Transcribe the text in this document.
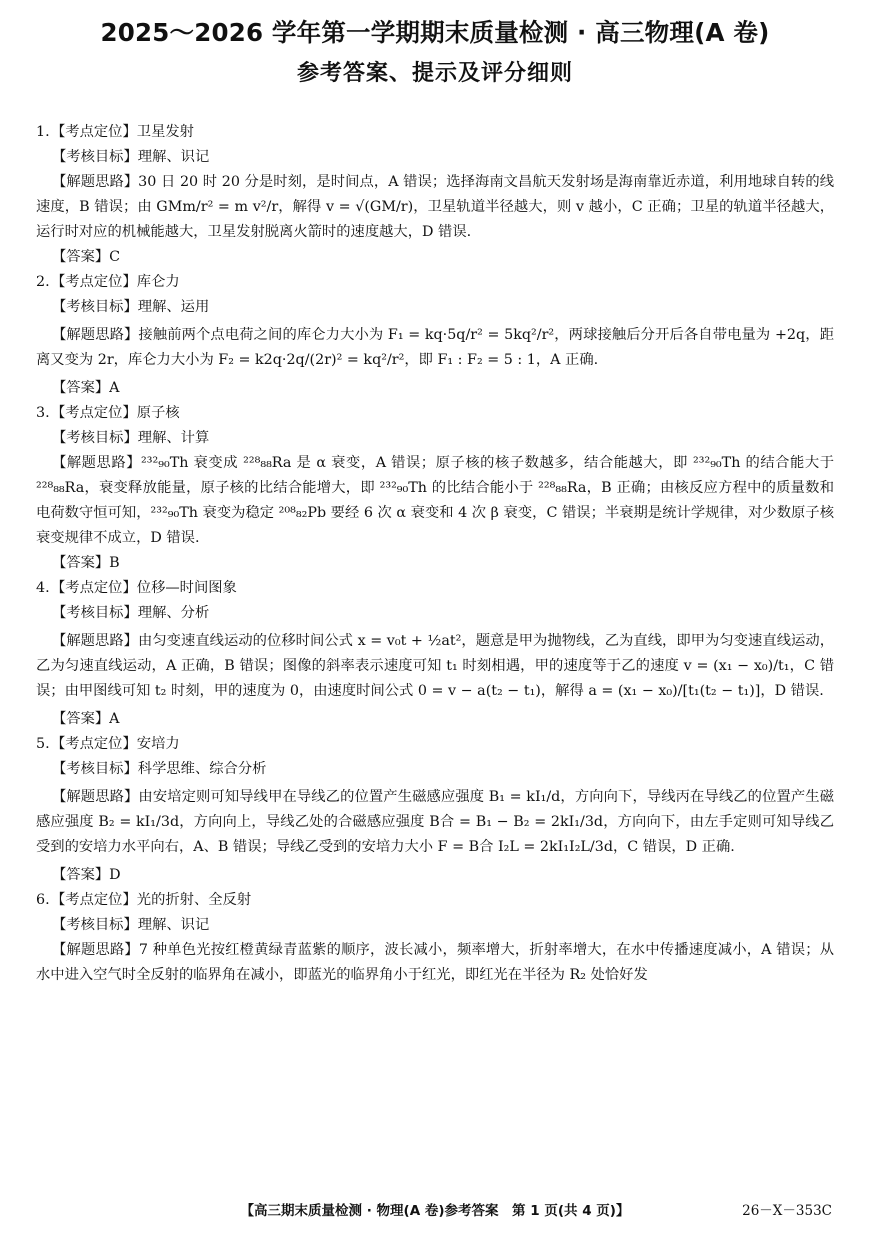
2025～2026 学年第一学期期末质量检测 · 高三物理(A 卷)
参考答案、提示及评分细则

1.【考点定位】卫星发射

【考核目标】理解、识记

【解题思路】30 日 20 时 20 分是时刻，是时间点，A 错误；选择海南文昌航天发射场是海南靠近赤道，利用地球自转的线速度，B 错误；由 GMm/r² = m v²/r，解得 v = √(GM/r)，卫星轨道半径越大，则 v 越小，C 正确；卫星的轨道半径越大，运行时对应的机械能越大，卫星发射脱离火箭时的速度越大，D 错误.

【答案】C

2.【考点定位】库仑力

【考核目标】理解、运用

【解题思路】接触前两个点电荷之间的库仑力大小为 F₁ = kq·5q/r² = 5kq²/r²，两球接触后分开后各自带电量为 +2q，距离又变为 2r，库仑力大小为 F₂ = k2q·2q/(2r)² = kq²/r²，即 F₁ : F₂ = 5 : 1，A 正确.

【答案】A

3.【考点定位】原子核

【考核目标】理解、计算

【解题思路】²³²₉₀Th 衰变成 ²²⁸₈₈Ra 是 α 衰变，A 错误；原子核的核子数越多，结合能越大，即 ²³²₉₀Th 的结合能大于 ²²⁸₈₈Ra，衰变释放能量，原子核的比结合能增大，即 ²³²₉₀Th 的比结合能小于 ²²⁸₈₈Ra，B 正确；由核反应方程中的质量数和电荷数守恒可知，²³²₉₀Th 衰变为稳定 ²⁰⁸₈₂Pb 要经 6 次 α 衰变和 4 次 β 衰变，C 错误；半衰期是统计学规律，对少数原子核衰变规律不成立，D 错误.

【答案】B

4.【考点定位】位移—时间图象

【考核目标】理解、分析

【解题思路】由匀变速直线运动的位移时间公式 x = v₀t + ½at²，题意是甲为抛物线，乙为直线，即甲为匀变速直线运动，乙为匀速直线运动，A 正确，B 错误；图像的斜率表示速度可知 t₁ 时刻相遇，甲的速度等于乙的速度 v = (x₁ − x₀)/t₁，C 错误；由甲图线可知 t₂ 时刻，甲的速度为 0，由速度时间公式 0 = v − a(t₂ − t₁)，解得 a = (x₁ − x₀)/[t₁(t₂ − t₁)]，D 错误.

【答案】A

5.【考点定位】安培力

【考核目标】科学思维、综合分析

【解题思路】由安培定则可知导线甲在导线乙的位置产生磁感应强度 B₁ = kI₁/d，方向向下，导线丙在导线乙的位置产生磁感应强度 B₂ = kI₁/3d，方向向上，导线乙处的合磁感应强度 B合 = B₁ − B₂ = 2kI₁/3d，方向向下，由左手定则可知导线乙受到的安培力水平向右，A、B 错误；导线乙受到的安培力大小 F = B合 I₂L = 2kI₁I₂L/3d，C 错误，D 正确.

【答案】D

6.【考点定位】光的折射、全反射

【考核目标】理解、识记

【解题思路】7 种单色光按红橙黄绿青蓝紫的顺序，波长减小，频率增大，折射率增大，在水中传播速度减小，A 错误；从水中进入空气时全反射的临界角在减小，即蓝光的临界角小于红光，即红光在半径为 R₂ 处恰好发

【高三期末质量检测 · 物理(A 卷)参考答案　第 1 页(共 4 页)】	26－X－353C
